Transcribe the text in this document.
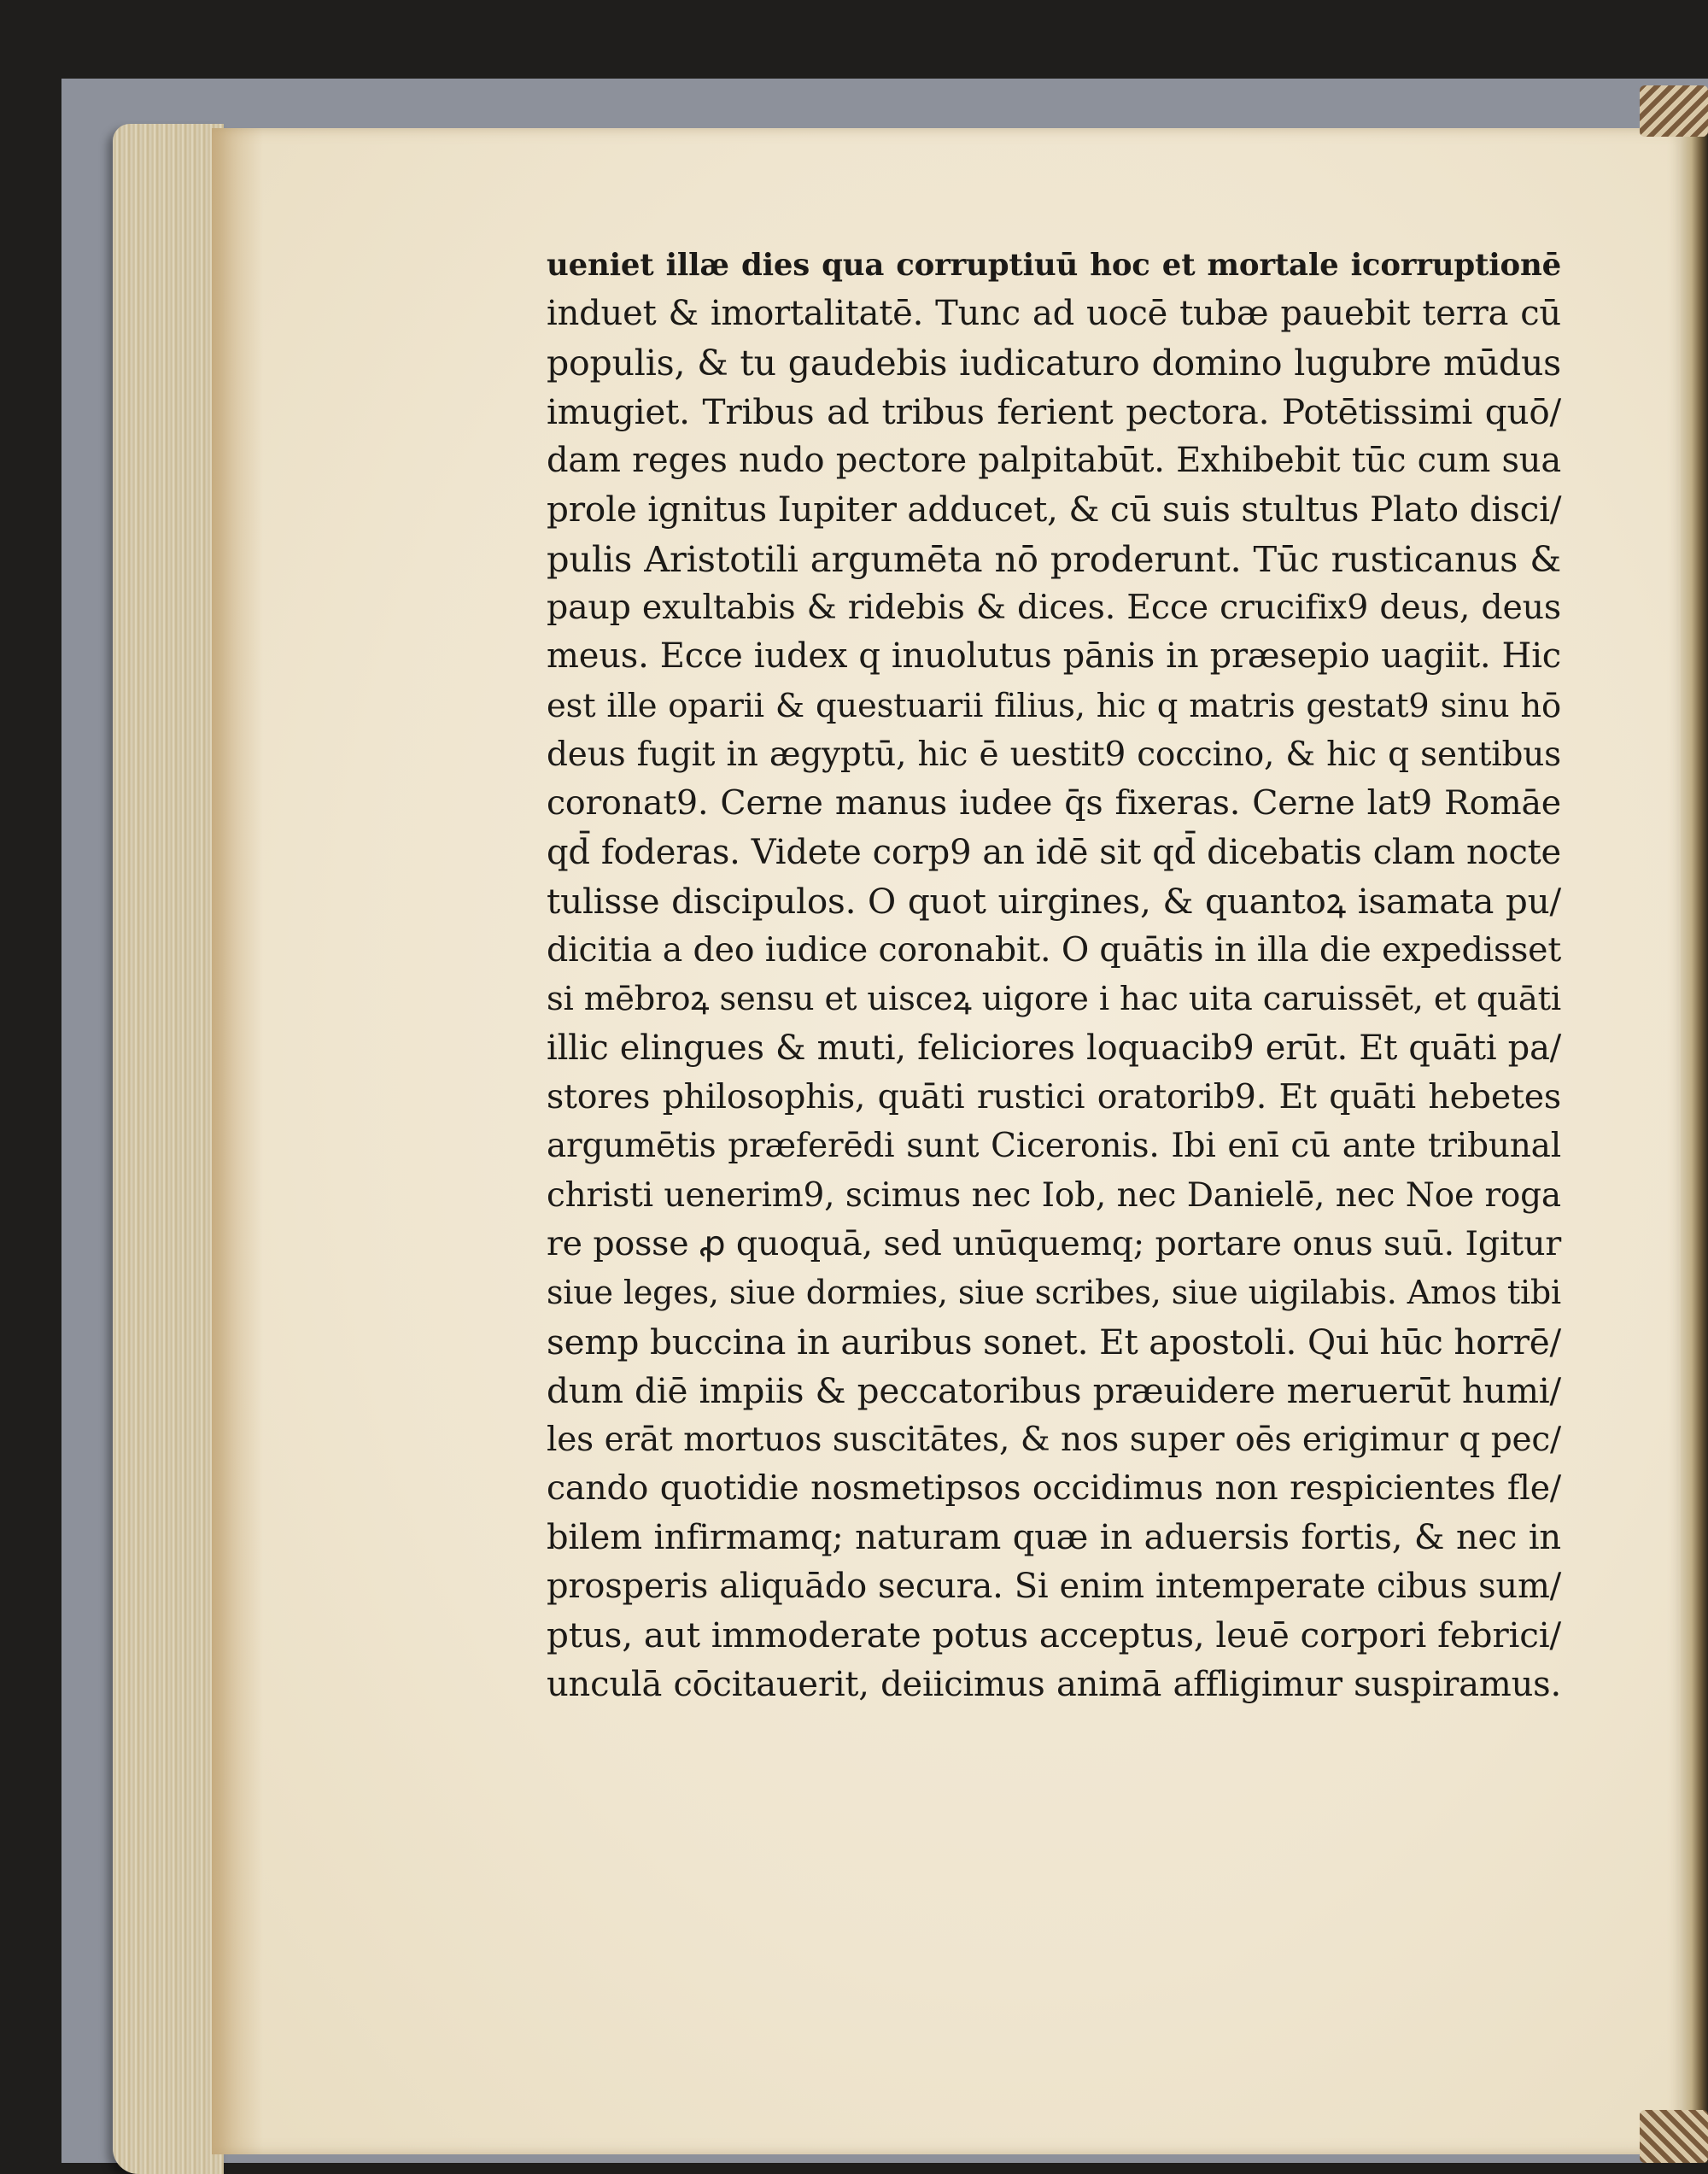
ueniet illæ dies qua corruptiuū hoc et mortale icorruptionē
induet & imortalitatē. Tunc ad uocē tubæ pauebit terra cū
populis, & tu gaudebis iudicaturo domino lugubre mūdus
imugiet. Tribus ad tribus ferient pectora. Potētissimi quō/
dam reges nudo pectore palpitabūt. Exhibebit tūc cum sua
prole ignitus Iupiter adducet, & cū suis stultus Plato disci/
pulis Aristotili argumēta nō proderunt. Tūc rusticanus &
paup exultabis & ridebis & dices. Ecce crucifix9 deus, deus
meus. Ecce iudex q inuolutus pānis in præsepio uagiit. Hic
est ille oparii & questuarii filius, hic q matris gestat9 sinu hō
deus fugit in ægyptū, hic ē uestit9 coccino, & hic q sentibus
coronat9. Cerne manus iudee q̄s fixeras. Cerne lat9 Romāe
qd̄ foderas. Videte corp9 an idē sit qd̄ dicebatis clam nocte
tulisse discipulos. O quot uirgines, & quantoꝝ isamata pu/
dicitia a deo iudice coronabit. O quātis in illa die expedisset
si mēbroꝝ sensu et uisceꝝ uigore i hac uita caruissēt, et quāti
illic elingues & muti, feliciores loquacib9 erūt. Et quāti pa/
stores philosophis, quāti rustici oratorib9. Et quāti hebetes
argumētis præferēdi sunt Ciceronis. Ibi enī cū ante tribunal
christi uenerim9, scimus nec Iob, nec Danielē, nec Noe roga
re posse ꝓ quoquā, sed unūquemq; portare onus suū. Igitur
siue leges, siue dormies, siue scribes, siue uigilabis. Amos tibi
semp buccina in auribus sonet. Et apostoli. Qui hūc horrē/
dum diē impiis & peccatoribus præuidere meruerūt humi/
les erāt mortuos suscitātes, & nos super oēs erigimur q pec/
cando quotidie nosmetipsos occidimus non respicientes fle/
bilem infirmamq; naturam quæ in aduersis fortis, & nec in
prosperis aliquādo secura. Si enim intemperate cibus sum/
ptus, aut immoderate potus acceptus, leuē corpori febrici/
unculā cōcitauerit, deiicimus animā affligimur suspiramus.
